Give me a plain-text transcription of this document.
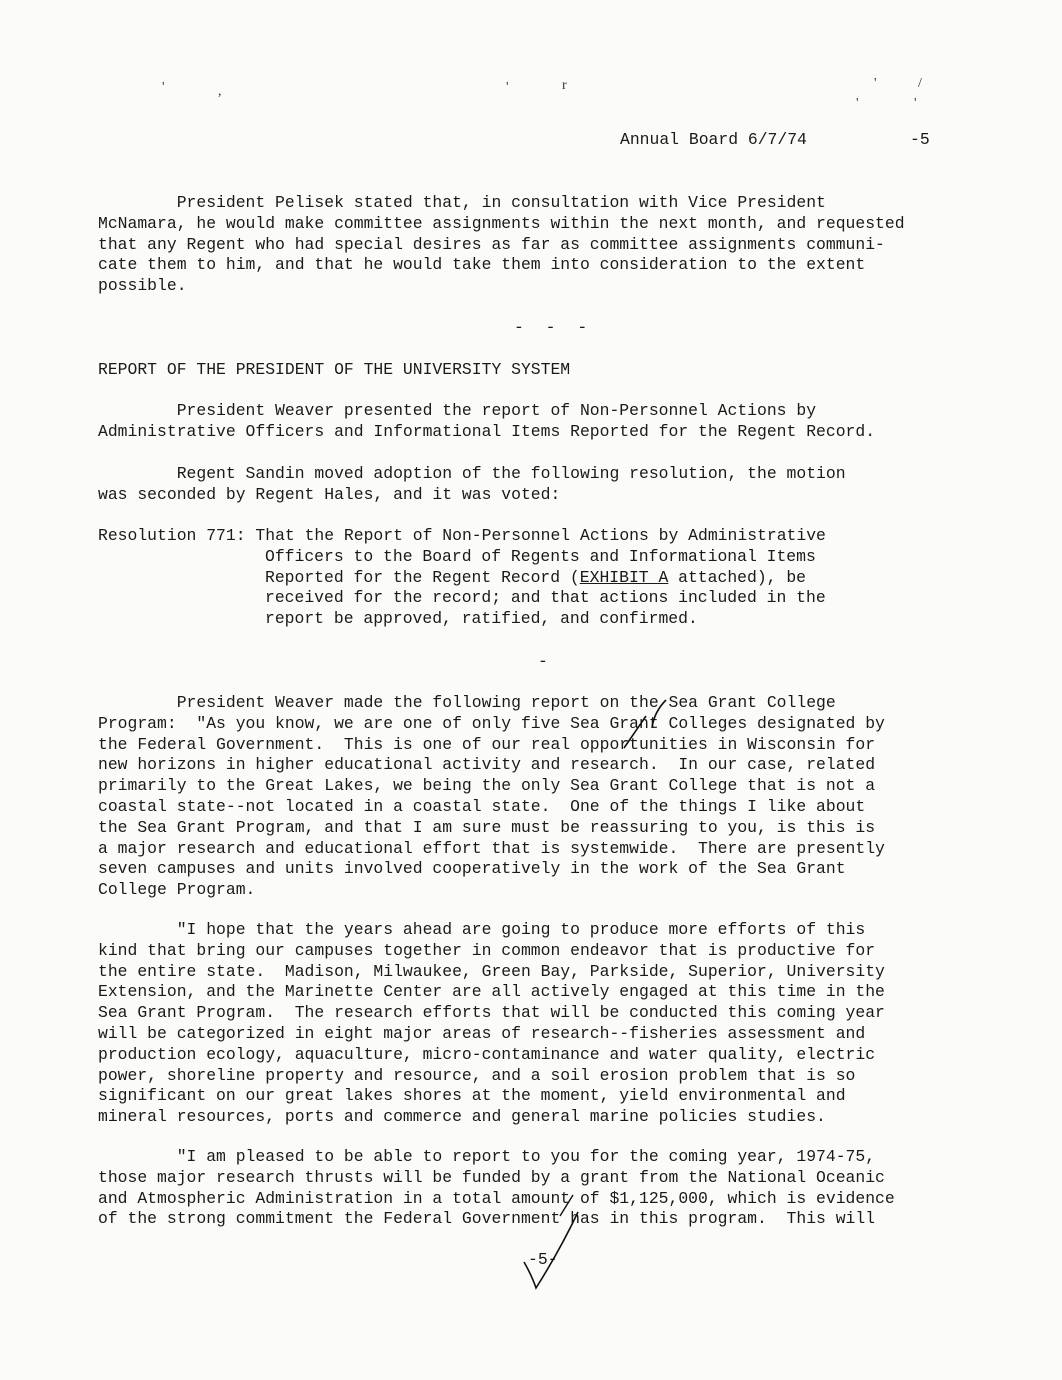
'	,	'	r	'	/
'	'

Annual Board 6/7/74

	-5

President Pelisek stated that, in consultation with Vice President
McNamara, he would make committee assignments within the next month, and requested
that any Regent who had special desires as far as committee assignments communi-
cate them to him, and that he would take them into consideration to the extent
possible.
- - -
REPORT OF THE PRESIDENT OF THE UNIVERSITY SYSTEM
President Weaver presented the report of Non-Personnel Actions by
Administrative Officers and Informational Items Reported for the Regent Record.
Regent Sandin moved adoption of the following resolution, the motion
was seconded by Regent Hales, and it was voted:
Resolution 771: That the Report of Non-Personnel Actions by Administrative
Officers to the Board of Regents and Informational Items
Reported for the Regent Record (EXHIBIT A attached), be
received for the record; and that actions included in the
report be approved, ratified, and confirmed.
-
President Weaver made the following report on the Sea Grant College
Program:  "As you know, we are one of only five Sea Grant Colleges designated by
the Federal Government.  This is one of our real opportunities in Wisconsin for
new horizons in higher educational activity and research.  In our case, related
primarily to the Great Lakes, we being the only Sea Grant College that is not a
coastal state--not located in a coastal state.  One of the things I like about
the Sea Grant Program, and that I am sure must be reassuring to you, is this is
a major research and educational effort that is systemwide.  There are presently
seven campuses and units involved cooperatively in the work of the Sea Grant
College Program.
"I hope that the years ahead are going to produce more efforts of this
kind that bring our campuses together in common endeavor that is productive for
the entire state.  Madison, Milwaukee, Green Bay, Parkside, Superior, University
Extension, and the Marinette Center are all actively engaged at this time in the
Sea Grant Program.  The research efforts that will be conducted this coming year
will be categorized in eight major areas of research--fisheries assessment and
production ecology, aquaculture, micro-contaminance and water quality, electric
power, shoreline property and resource, and a soil erosion problem that is so
significant on our great lakes shores at the moment, yield environmental and
mineral resources, ports and commerce and general marine policies studies.
"I am pleased to be able to report to you for the coming year, 1974-75,
those major research thrusts will be funded by a grant from the National Oceanic
and Atmospheric Administration in a total amount of $1,125,000, which is evidence
of the strong commitment the Federal Government has in this program.  This will
-5-
